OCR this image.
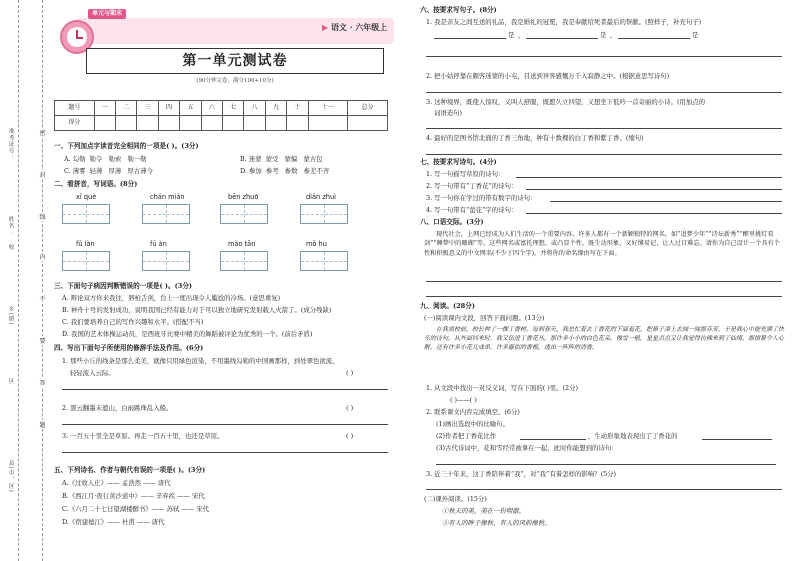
准考证号：
姓名：
校
乡(镇)
区
县(市、区)
密
封
线
内
不
要
答
题
单元与期末
▶ 语文 · 六年级上
第一单元测试卷
(90分钟完卷，满分100+10分)
题号	一	二	三	四	五	六	七	八	九	十	十一	总分
得分												
一、下列加点字读音完全相同的一项是( )。(3分)
A. 勾勒 勒令 勒索 勒一勒	B. 迷蒙 蒙受 蒙骗 蒙古包
C. 薄雾 轻薄 厚薄 厚古薄今	D. 参加 参考 参数 参差不齐
二、看拼音，写词语。(8分)
xǐ què	chán mián	bēn zhuō	diǎn zhuì
fǔ làn	fú àn	mào tān	mǒ hu
三、下面句子病因判断错误的一项是( )。(3分)
A. 辩论双方你来我往，唇枪舌剑，台上一度出现令人尴尬的冷场。(意思重复)
B. 神舟十号的发射成功，说明我国已经有能力对于可以独立地研究发射载人火箭了。(成分残缺)
C. 我们要培养自己的写作兴趣和水平。(搭配不当)
D. 我国的艺术体操运动员，是西班牙比赛中精美的舞蹈被评论为优秀的一个。(前后矛盾)
四、写出下面句子所使用的修辞手法及作用。(6分)
1. 那些小丘的线条是那么柔美，就像只用绿色渲染，不用墨线勾勒的中国画那样，到处翠色欲流，
轻轻流入云际。	( )
2. 黑云翻墨未遮山，白雨跳珠乱入船。	( )
3. 一百五十里全是草原。再走一百五十里，也还是草原。	( )
五、下列诗名、作者与朝代有误的一项是( )。(3分)
A.《过故人庄》—— 孟浩然 —— 唐代
B.《西江月·夜行黄沙道中》—— 辛弃疾 —— 宋代
C.《六月二十七日望湖楼醉书》—— 苏轼 —— 宋代
D.《宿建德江》—— 杜甫 —— 唐代
六、按要求写句子。(8分)
1. 我是亲友之间互送的礼品，我是婚礼的冠冕，我是奉献给死者最后的祭献。(照样子，补充句子)
是 ，	是 ，	是
2. 把小姑停靠在颇客迷蒙的小屯，目送到异客感慨万千入寂静之中。(根据意思写诗句)
3. 这种境界，既使人惊叹，又叫人舒服，既愿久立四望，又想坐下低吟一首奇丽的小诗。(用加点的
词语造句)
4. 最好的是图书馆北面的丁香三角地，种有十数棵的白丁香和紫丁香。(缩句)
七、按要求写诗句。(4分)
1. 写一句描写草原的诗句：
2. 写一句带有“丁香花”的诗句：
3. 写一句你在学过的带有数字的诗句：
4. 写一句带有“萤花”字的诗句：
八、口语交际。(3分)
现代社会，上网已经成为人们生活的一个重要内容。许多人都有一个新颖独特的网名，如“追梦少年”“诗坛新秀”“醉里挑灯看剑”“睡梦中的珊瑚”等。这些网名或富托理想，或凸显个性，既生动形象，又好懂易记，让人过目难忘。请你为自己设计一个具有个性和积极意义的中文网名(不少于四个字)，并将你的命名缘由写在下面。
九、阅读。(28分)
(一)阅读课内文段，回答下面问题。(13分)
在我离校前，校长种了一棵丁香树。每到春天，我总忙着去丁香花的下面看花，把鼻子凑上去闻一闻那芬芳，于是我心中便充满了快乐的诗句。从外面回来时，我又钻进丁香花丛，那许多小小的白色花朵，像雪一般，星星点点又让我觉得仿佛来到了仙境。那情景令人心醉，还有许多小花儿成串，许多藤似的香根，透出一阵阵的清香。
1. 从文段中找出一对反义词，写在下面的( )里。(2分)
( )——( )
2. 联系课文内容完成填空。(6分)
(1)画出选段中的比喻句。
(2)作者把丁香花比作	，生动形象地表现出了丁香花的
(3)古代诗词中，花和雪经常被拿在一起，此时你能想到的诗句：
3. 近三十年来，这丁香陪伴着“我”，对“我”有着怎样的影响？(5分)
(二)课外阅读。(15分)
①秋天的美，美在一份明澈。
②有人的眸子像秋，有人的风韵像秋。
